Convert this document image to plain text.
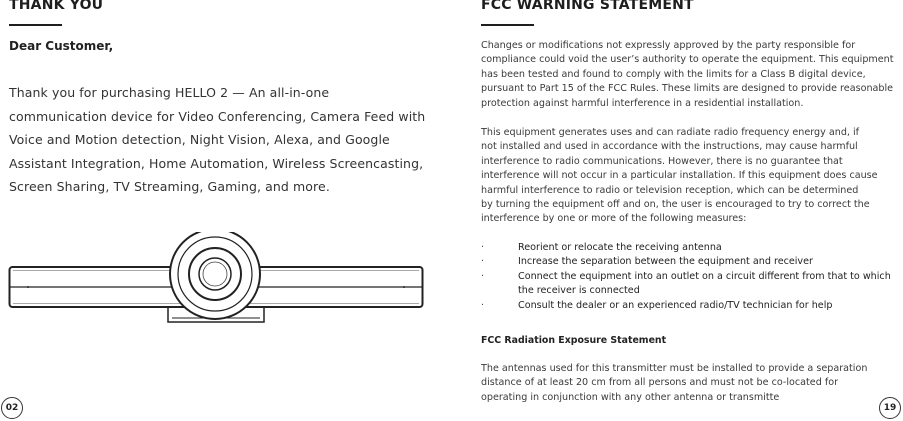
THANK YOU

Dear Customer,

Thank you for purchasing HELLO 2 — An all-in-one communication device for Video Conferencing, Camera Feed with Voice and Motion detection, Night Vision, Alexa, and Google Assistant Integration, Home Automation, Wireless Screencasting, Screen Sharing, TV Streaming, Gaming, and more.

02
FCC WARNING STATEMENT

Changes or modifications not expressly approved by the party responsible for
compliance could void the user’s authority to operate the equipment. This equipment
has been tested and found to comply with the limits for a Class B digital device,
pursuant to Part 15 of the FCC Rules. These limits are designed to provide reasonable
protection against harmful interference in a residential installation.

This equipment generates uses and can radiate radio frequency energy and, if
not installed and used in accordance with the instructions, may cause harmful
interference to radio communications. However, there is no guarantee that
interference will not occur in a particular installation. If this equipment does cause
harmful interference to radio or television reception, which can be determined
by turning the equipment off and on, the user is encouraged to try to correct the
interference by one or more of the following measures:

·	Reorient or relocate the receiving antenna
·	Increase the separation between the equipment and receiver
·	Connect the equipment into an outlet on a circuit different from that to which the receiver is connected
·	Consult the dealer or an experienced radio/TV technician for help

FCC Radiation Exposure Statement

The antennas used for this transmitter must be installed to provide a separation
distance of at least 20 cm from all persons and must not be co-located for
operating in conjunction with any other antenna or transmitte

19
